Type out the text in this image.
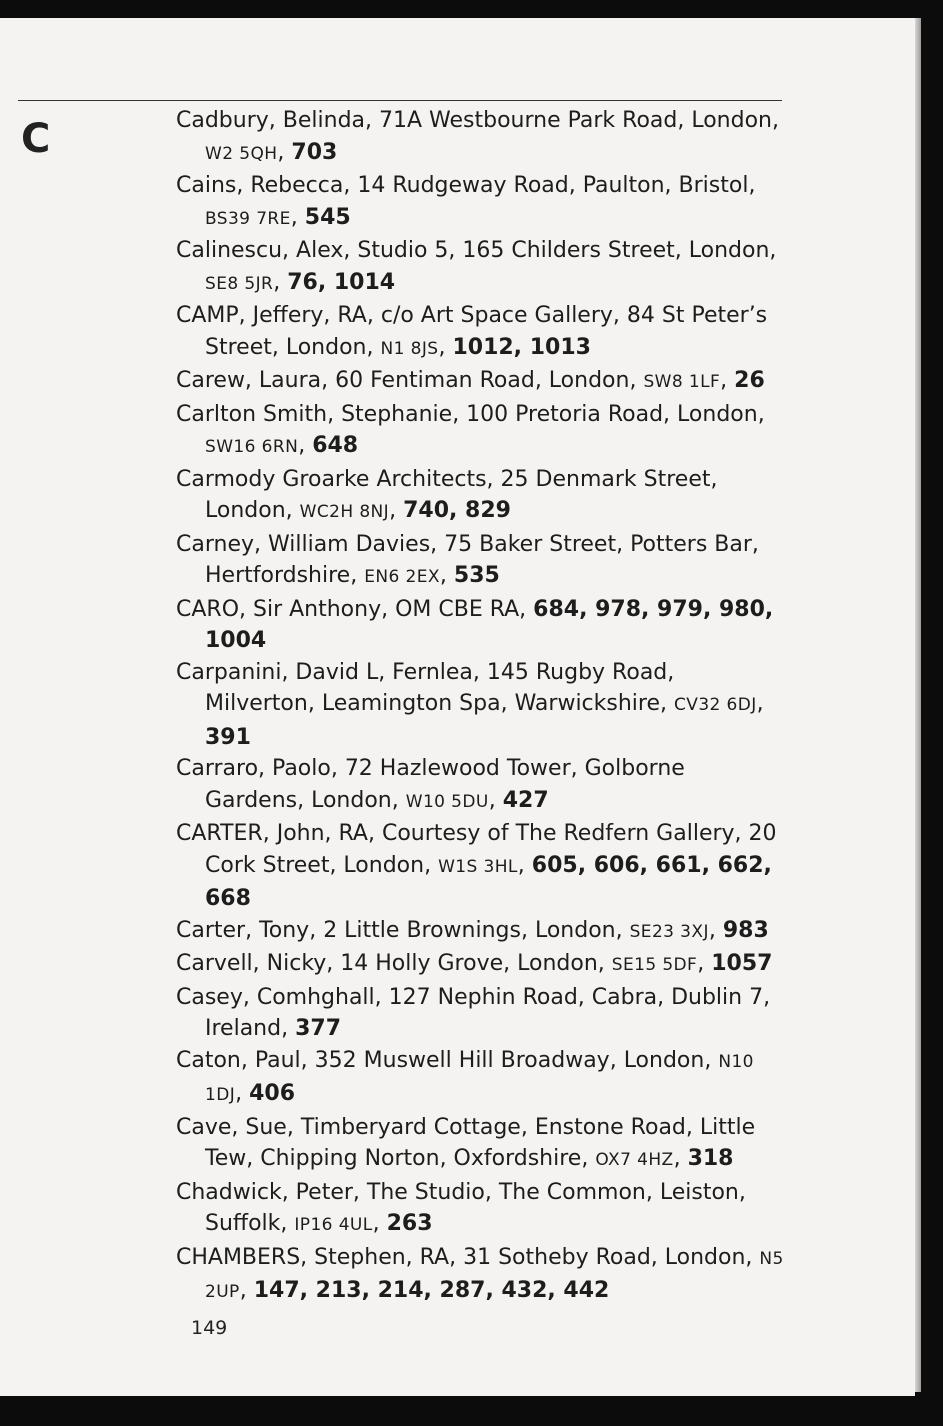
C	Cadbury, Belinda, 71A Westbourne Park Road, London, W2 5QH, 703
Cains, Rebecca, 14 Rudgeway Road, Paulton, Bristol, BS39 7RE, 545
Calinescu, Alex, Studio 5, 165 Childers Street, London, SE8 5JR, 76, 1014
CAMP, Jeffery, RA, c/o Art Space Gallery, 84 St Peter’s Street, London, N1 8JS, 1012, 1013
Carew, Laura, 60 Fentiman Road, London, SW8 1LF, 26
Carlton Smith, Stephanie, 100 Pretoria Road, London, SW16 6RN, 648
Carmody Groarke Architects, 25 Denmark Street, London, WC2H 8NJ, 740, 829
Carney, William Davies, 75 Baker Street, Potters Bar, Hertfordshire, EN6 2EX, 535
CARO, Sir Anthony, OM CBE RA, 684, 978, 979, 980, 1004
Carpanini, David L, Fernlea, 145 Rugby Road, Milverton, Leamington Spa, Warwickshire, CV32 6DJ, 391
Carraro, Paolo, 72 Hazlewood Tower, Golborne Gardens, London, W10 5DU, 427
CARTER, John, RA, Courtesy of The Redfern Gallery, 20 Cork Street, London, W1S 3HL, 605, 606, 661, 662, 668
Carter, Tony, 2 Little Brownings, London, SE23 3XJ, 983
Carvell, Nicky, 14 Holly Grove, London, SE15 5DF, 1057
Casey, Comhghall, 127 Nephin Road, Cabra, Dublin 7, Ireland, 377
Caton, Paul, 352 Muswell Hill Broadway, London, N10 1DJ, 406
Cave, Sue, Timberyard Cottage, Enstone Road, Little Tew, Chipping Norton, Oxfordshire, OX7 4HZ, 318
Chadwick, Peter, The Studio, The Common, Leiston, Suffolk, IP16 4UL, 263
CHAMBERS, Stephen, RA, 31 Sotheby Road, London, N5 2UP, 147, 213, 214, 287, 432, 442
149
